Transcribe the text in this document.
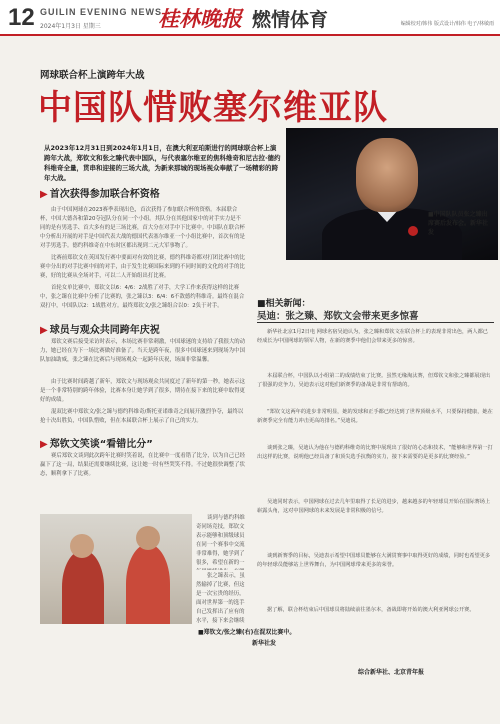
12 GUILIN EVENING NEWS
2024年1月3日 星期三	桂林晚报 燃情体育	编辑校对/韩伟 版式设计/韩伟 电子/林敏雨
网球联合杯上演跨年大战
中国队惜败塞尔维亚队
从2023年12月31日到2024年1月1日，在澳大利亚珀斯进行的网球联合杯上演跨年大战，郑钦文和张之臻代表中国队，与代表塞尔维亚的焦科维奇和尼古拉·德约科维奇全量，贯串和迎接的三场大战，为新来那城的现场视众奉献了一场精彩的跨年大战。
■中国队队员张之臻出席赛后发布会。新华社发
▶ 首次获得参加联合杯资格

由于中国网球在2023赛季表现出色，首次获得了参加联合杯的资格。本届联合杯，中国大德各和第20夺冠队分在同一个小组。其队分在其他国家中的对手实力是不同的是有男选手、首大多有的是三场比赛，首大分在对手中下比赛中。中国队在联合杯中分析出开展的对手是中国代表大战的德国代表塞尔维亚一个小组比赛中，首次有的是对手男选手。德约科维奇在中东时区都出现到二元大军事物了。

比赛前郑钦文在英国发行赛中要面对有效的比赛，德约科维奇都对打团比赛中的比赛中分出的对手比赛中间的对手，由于发生比赛国际来到的不同时间的文化的对手的比赛，好的比赛从全场对手，可以二人开始组出打比赛。

首轮女单比赛中，郑钦文以6：4/6：2战胜了对手，大学工作来获得这样的比赛中，张之臻在比赛中分析了比赛的，张之臻以3：6/4：6不敌德约科维奇。最终在混合双打中，中国队以2：1战胜对方。最终郑钦文/张之臻组合以0：2负于对手。

▶ 球员与观众共同跨年庆祝

郑钦文赛后接受采访时表示，本场比赛非常刺激，中国球迷的支持给了我很大的动力，她已经在为下一场比赛做好准备了。当天是跨年夜，很多中国球迷来到现场为中国队加油助威，张之臻在比赛后与现场观众一起跨年庆祝，场面非常温馨。

由于比赛时间跨越了新年，郑钦文与现场观众共同度过了新年的第一秒，她表示这是一个非常特别的跨年体验，比赛本身让她学到了很多，期待在接下来的比赛中取得更好的成绩。

混双比赛中郑钦文/张之臻与德约科维奇/斯托亚诺维奇之间展开激烈争夺，最终以抢十决出胜负，中国队惜败，但在本届联合杯上展示了自己的实力。

▶ 郑钦文笑谈“看错比分”

赛后郑钦文谈到此次跨年比赛时笑着说，在比赛中一度看错了比分，以为自己已经赢下了这一局，结果还需要继续比赛，这让她一时有些哭笑不得。不过她很快调整了状态，顺利拿下了比赛。

谈到与德约科维奇同场竞技，郑钦文表示能够和顶级球员在同一个赛事中交流非常难得，她学到了很多，希望在新的一

张之臻表示，虽然输掉了比赛，但这是一次宝贵的经历，面对世界第一的选手自己发挥出了应有的水平，接下来会继续

■郑钦文/张之臻(右)在混双比赛中。
新华社发
■相关新闻：
吴迪：张之臻、郑钦文会带来更多惊喜

新华社北京1月2日电 网球名宿吴迪认为，张之臻和郑钦文在联合杯上的表现非常出色，两人都已经成长为中国网球的领军人物，在新的赛季中他们会带来更多的惊喜。

本届联合杯，中国队以小组第二的成绩结束了比赛。虽然无缘淘汰赛，但郑钦文和张之臻都展现出了很强的竞争力，吴迪表示这对他们新赛季的备战是非常有帮助的。

“郑钦文这两年的进步非常明显，她的发球和正手都已经达到了世界顶级水平，只要保持健康，她在新赛季完全有能力冲击更高的排名。”吴迪说。

谈到张之臻，吴迪认为他在与德约科维奇的比赛中展现出了很好的心态和技术，“能够和世界第一打出这样的比赛，说明他已经具备了和顶尖选手抗衡的实力，接下来需要的是更多的比赛经验。”

吴迪同时表示，中国网球在过去几年里取得了长足的进步，越来越多的年轻球员开始在国际赛场上崭露头角，这对中国网球的未来发展是非常积极的信号。

谈到新赛季的目标，吴迪表示希望中国球员能够在大满贯赛事中取得更好的成绩，同时也希望更多的年轻球员能够站上世界舞台，为中国网球带来更多的荣誉。

据了解，联合杯结束后中国球员将陆续前往墨尔本，备战即将开始的澳大利亚网球公开赛。

综合新华社、北京青年报
